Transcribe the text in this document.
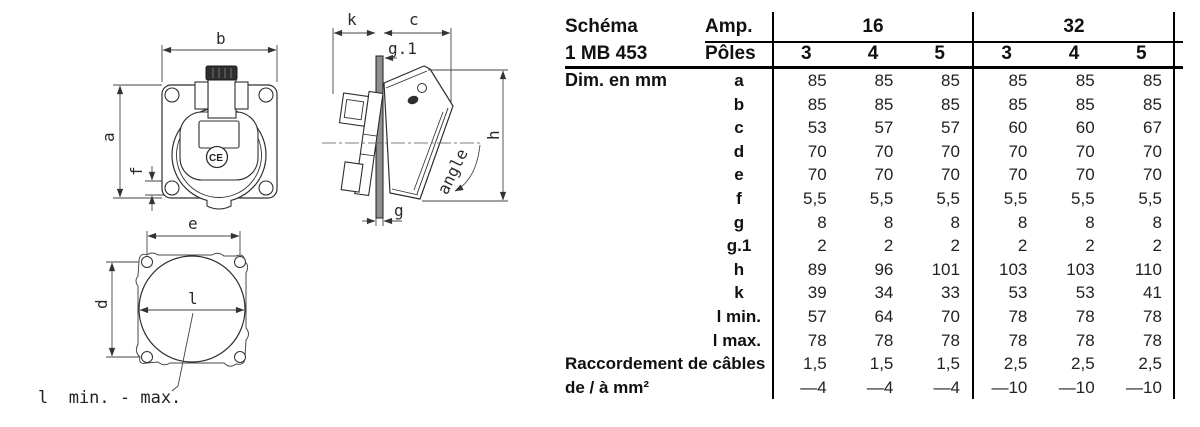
b
a
f
CE
k	c
g.1
angle
h
g
e
d	l
l  min. - max.
Schéma	Amp.	16	32
1 MB 453	Pôles	3	4	5	3	4	5
Dim. en mm	a	85	85	85	85	85	85
b	85	85	85	85	85	85
c	53	57	57	60	60	67
d	70	70	70	70	70	70
e	70	70	70	70	70	70
f	5,5	5,5	5,5	5,5	5,5	5,5
g	8	8	8	8	8	8
g.1	2	2	2	2	2	2
h	89	96	101	103	103	110
k	39	34	33	53	53	41
l min.	57	64	70	78	78	78
l max.	78	78	78	78	78	78
Raccordement de câbles	1,5	1,5	1,5	2,5	2,5	2,5
de / à mm²	—4	—4	—4	—10	—10	—10
